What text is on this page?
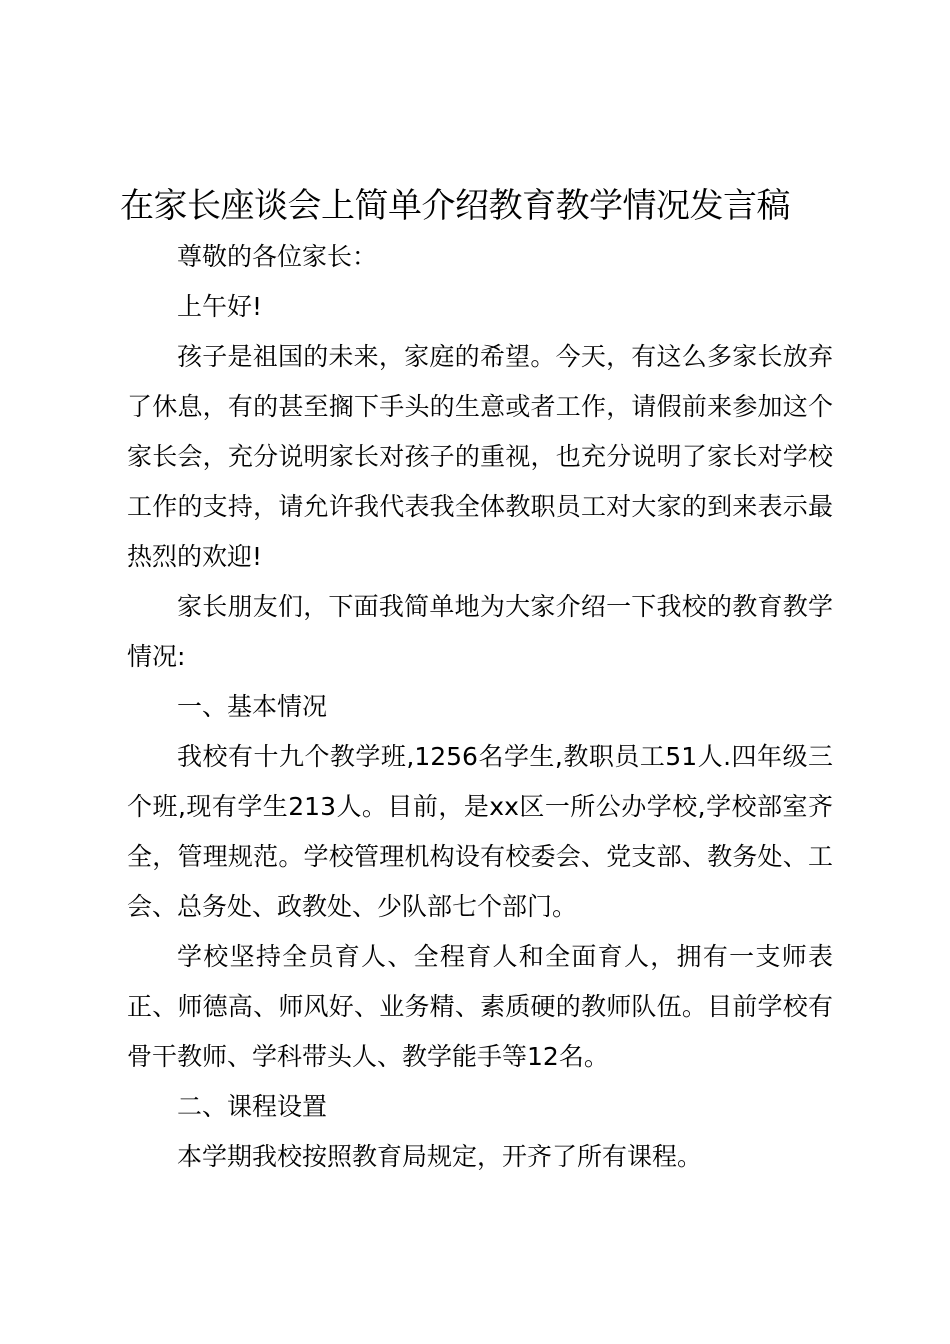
在家长座谈会上简单介绍教育教学情况发言稿

尊敬的各位家长：

上午好!

孩子是祖国的未来，家庭的希望。今天，有这么多家长放弃了休息，有的甚至搁下手头的生意或者工作，请假前来参加这个家长会，充分说明家长对孩子的重视，也充分说明了家长对学校工作的支持，请允许我代表我全体教职员工对大家的到来表示最热烈的欢迎!

家长朋友们，下面我简单地为大家介绍一下我校的教育教学情况:

一、基本情况

我校有十九个教学班,1256名学生,教职员工51人.四年级三个班,现有学生213人。目前，是xx区一所公办学校,学校部室齐全，管理规范。学校管理机构设有校委会、党支部、教务处、工会、总务处、政教处、少队部七个部门。

学校坚持全员育人、全程育人和全面育人，拥有一支师表正、师德高、师风好、业务精、素质硬的教师队伍。目前学校有骨干教师、学科带头人、教学能手等12名。

二、课程设置

本学期我校按照教育局规定，开齐了所有课程。
